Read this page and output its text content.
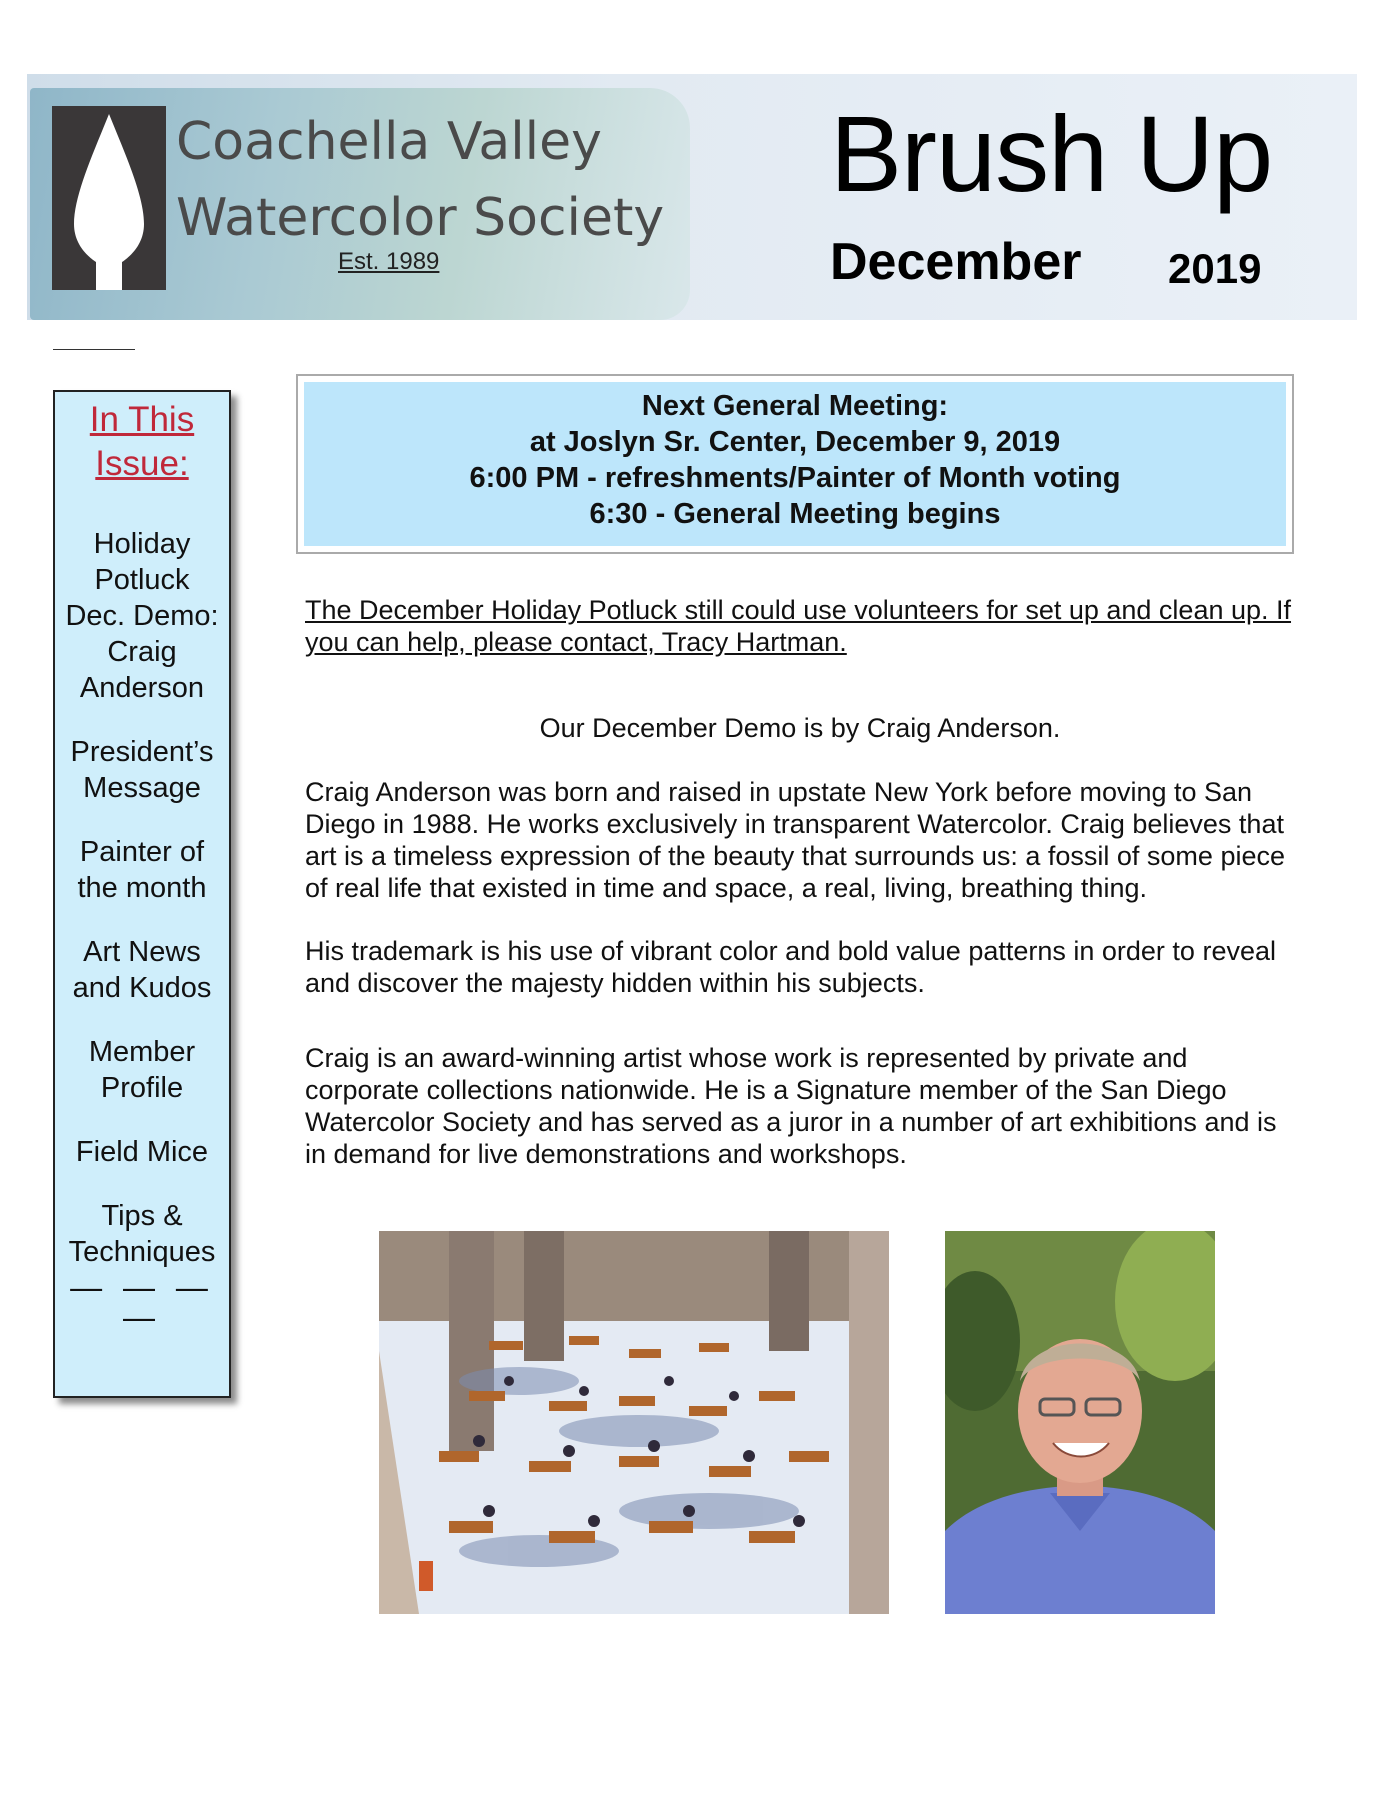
Coachella Valley
Watercolor Society
Est. 1989
Brush Up
December 2019
In This
Issue:
Holiday
Potluck
Dec. Demo:
Craig
Anderson
President’s
Message
Painter of
the month
Art News
and Kudos
Member
Profile
Field Mice
Tips &
Techniques
— — — —
Next General Meeting:
at Joslyn Sr. Center, December 9, 2019
6:00 PM - refreshments/Painter of Month voting
6:30 - General Meeting begins
The December Holiday Potluck still could use volunteers for set up and clean up. If you can help, please contact, Tracy Hartman.
Our December Demo is by Craig Anderson.
Craig Anderson was born and raised in upstate New York before moving to San Diego in 1988. He works exclusively in transparent Watercolor. Craig believes that art is a timeless expression of the beauty that surrounds us: a fossil of some piece of real life that existed in time and space, a real, living, breathing thing.
His trademark is his use of vibrant color and bold value patterns in order to reveal and discover the majesty hidden within his subjects.
Craig is an award-winning artist whose work is represented by private and corporate collections nationwide. He is a Signature member of the San Diego Watercolor Society and has served as a juror in a number of art exhibitions and is in demand for live demonstrations and workshops.
